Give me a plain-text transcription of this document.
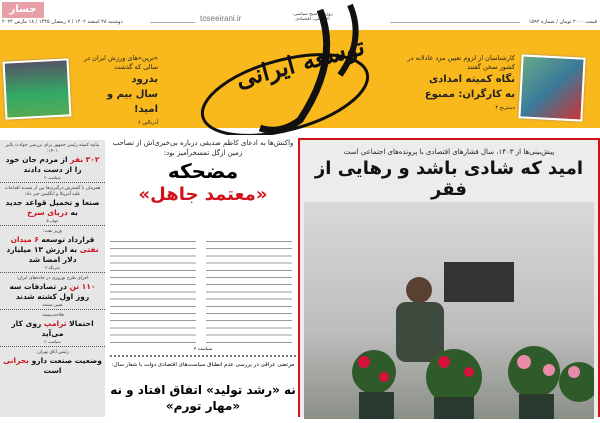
جسار
دوشنبه ۲۸ اسفند ۱۴۰۲ / ۷ رمضان ۱۴۴۵ / ۱۸ مارس ۲۰۲۴	toseeirani.ir	روزنامه صبح سیاسی، اجتماعی، اقتصادی	قیمت ۲۰۰۰ تومان / شماره ۱۵۹۲
«ترین»های ورزش ایران در سالی که گذشت
بدرود
سال بیم و امید!
آدرنالین ۶
کارشناسان از لزوم تعیین مزد عادلانه در کشور سخن گفتند
نگاه کمیته امدادی
به کارگران: ممنوع
دسترنج ۴
توسعه ایرانی
بیانیه کمیته رئیس جمهور برای بررسی حوادث پالیز ۱۴۰۱:
۳۰۲ نفر از مردم جان خود را از دست دادند
سیاست ۲
همزمان با گسترش درگیری‌ها بین از تشدید اقدامات علیه آمریکا و انگلیس خبر داد:
صنعا و تحمیل قواعد جدید به دریای سرخ
جهان ۵
وزیر نفت:
قرارداد توسعه ۶ میدان نفتی به ارزش ۱۳ میلیارد دلار امضا شد
بحرنگه ۳
اجرای طرح نوروزی در جاده‌های ایران:
۱۱۰ تن در تصادفات سه روز اول کشته شدند
همین صفحه
فلاحت‌پیشه:
احتمالا ترامپ روی کار می‌آید
سیاست ۲
رئیس اتاق تهران:
وضعیت صنعت دارو بحرانی است
واکنش‌ها به ادعای کاظم صدیقی درباره بی‌خبری‌اش از تصاحب زمین ازگل تمسخرآمیز بود:
مضحکه
«معتمد جاهل»
سیاست ۲
مرتضی عراقی در بررسی عدم انطباق سیاست‌های اقتصادی دولت با شعار سال:
نه «رشد تولید» اتفاق افتاد و نه «مهار تورم»
پیش‌بینی‌ها از ۱۴۰۳، سال فشارهای اقتصادی با پرونده‌های اجتماعی است
امید که شادی باشد و رهایی از فقر
